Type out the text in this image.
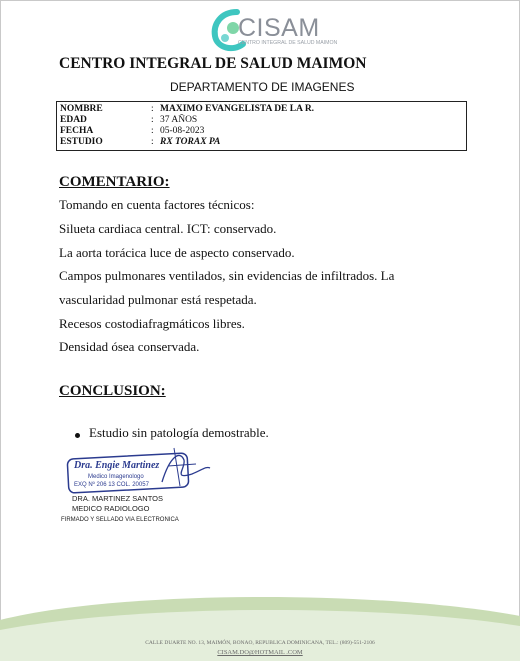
CISAM
CENTRO INTEGRAL DE SALUD MAIMON
CENTRO INTEGRAL DE SALUD MAIMON
DEPARTAMENTO DE IMAGENES
NOMBRE	: MAXIMO EVANGELISTA DE LA R.
EDAD	: 37 AÑOS
FECHA	: 05-08-2023
ESTUDIO	: RX TORAX PA
COMENTARIO:
Tomando en cuenta factores técnicos:
Silueta cardiaca central. ICT: conservado.
La aorta torácica luce de aspecto conservado.
Campos pulmonares ventilados, sin evidencias de infiltrados. La
vascularidad pulmonar está respetada.
Recesos costodiafragmáticos libres.
Densidad ósea conservada.
CONCLUSION:
Estudio sin patología demostrable.
Dra. Engie Martinez
Medico Imagenologo
EXQ Nº 206 13 COL. 20057
DRA. MARTINEZ SANTOS
MEDICO RADIOLOGO
FIRMADO Y SELLADO VIA ELECTRONICA
CALLE DUARTE NO. 13, MAIMÓN, BONAO, REPUBLICA DOMINICANA, TEL.: (809)-551-2106
CISAM.DO@HOTMAIL .COM
